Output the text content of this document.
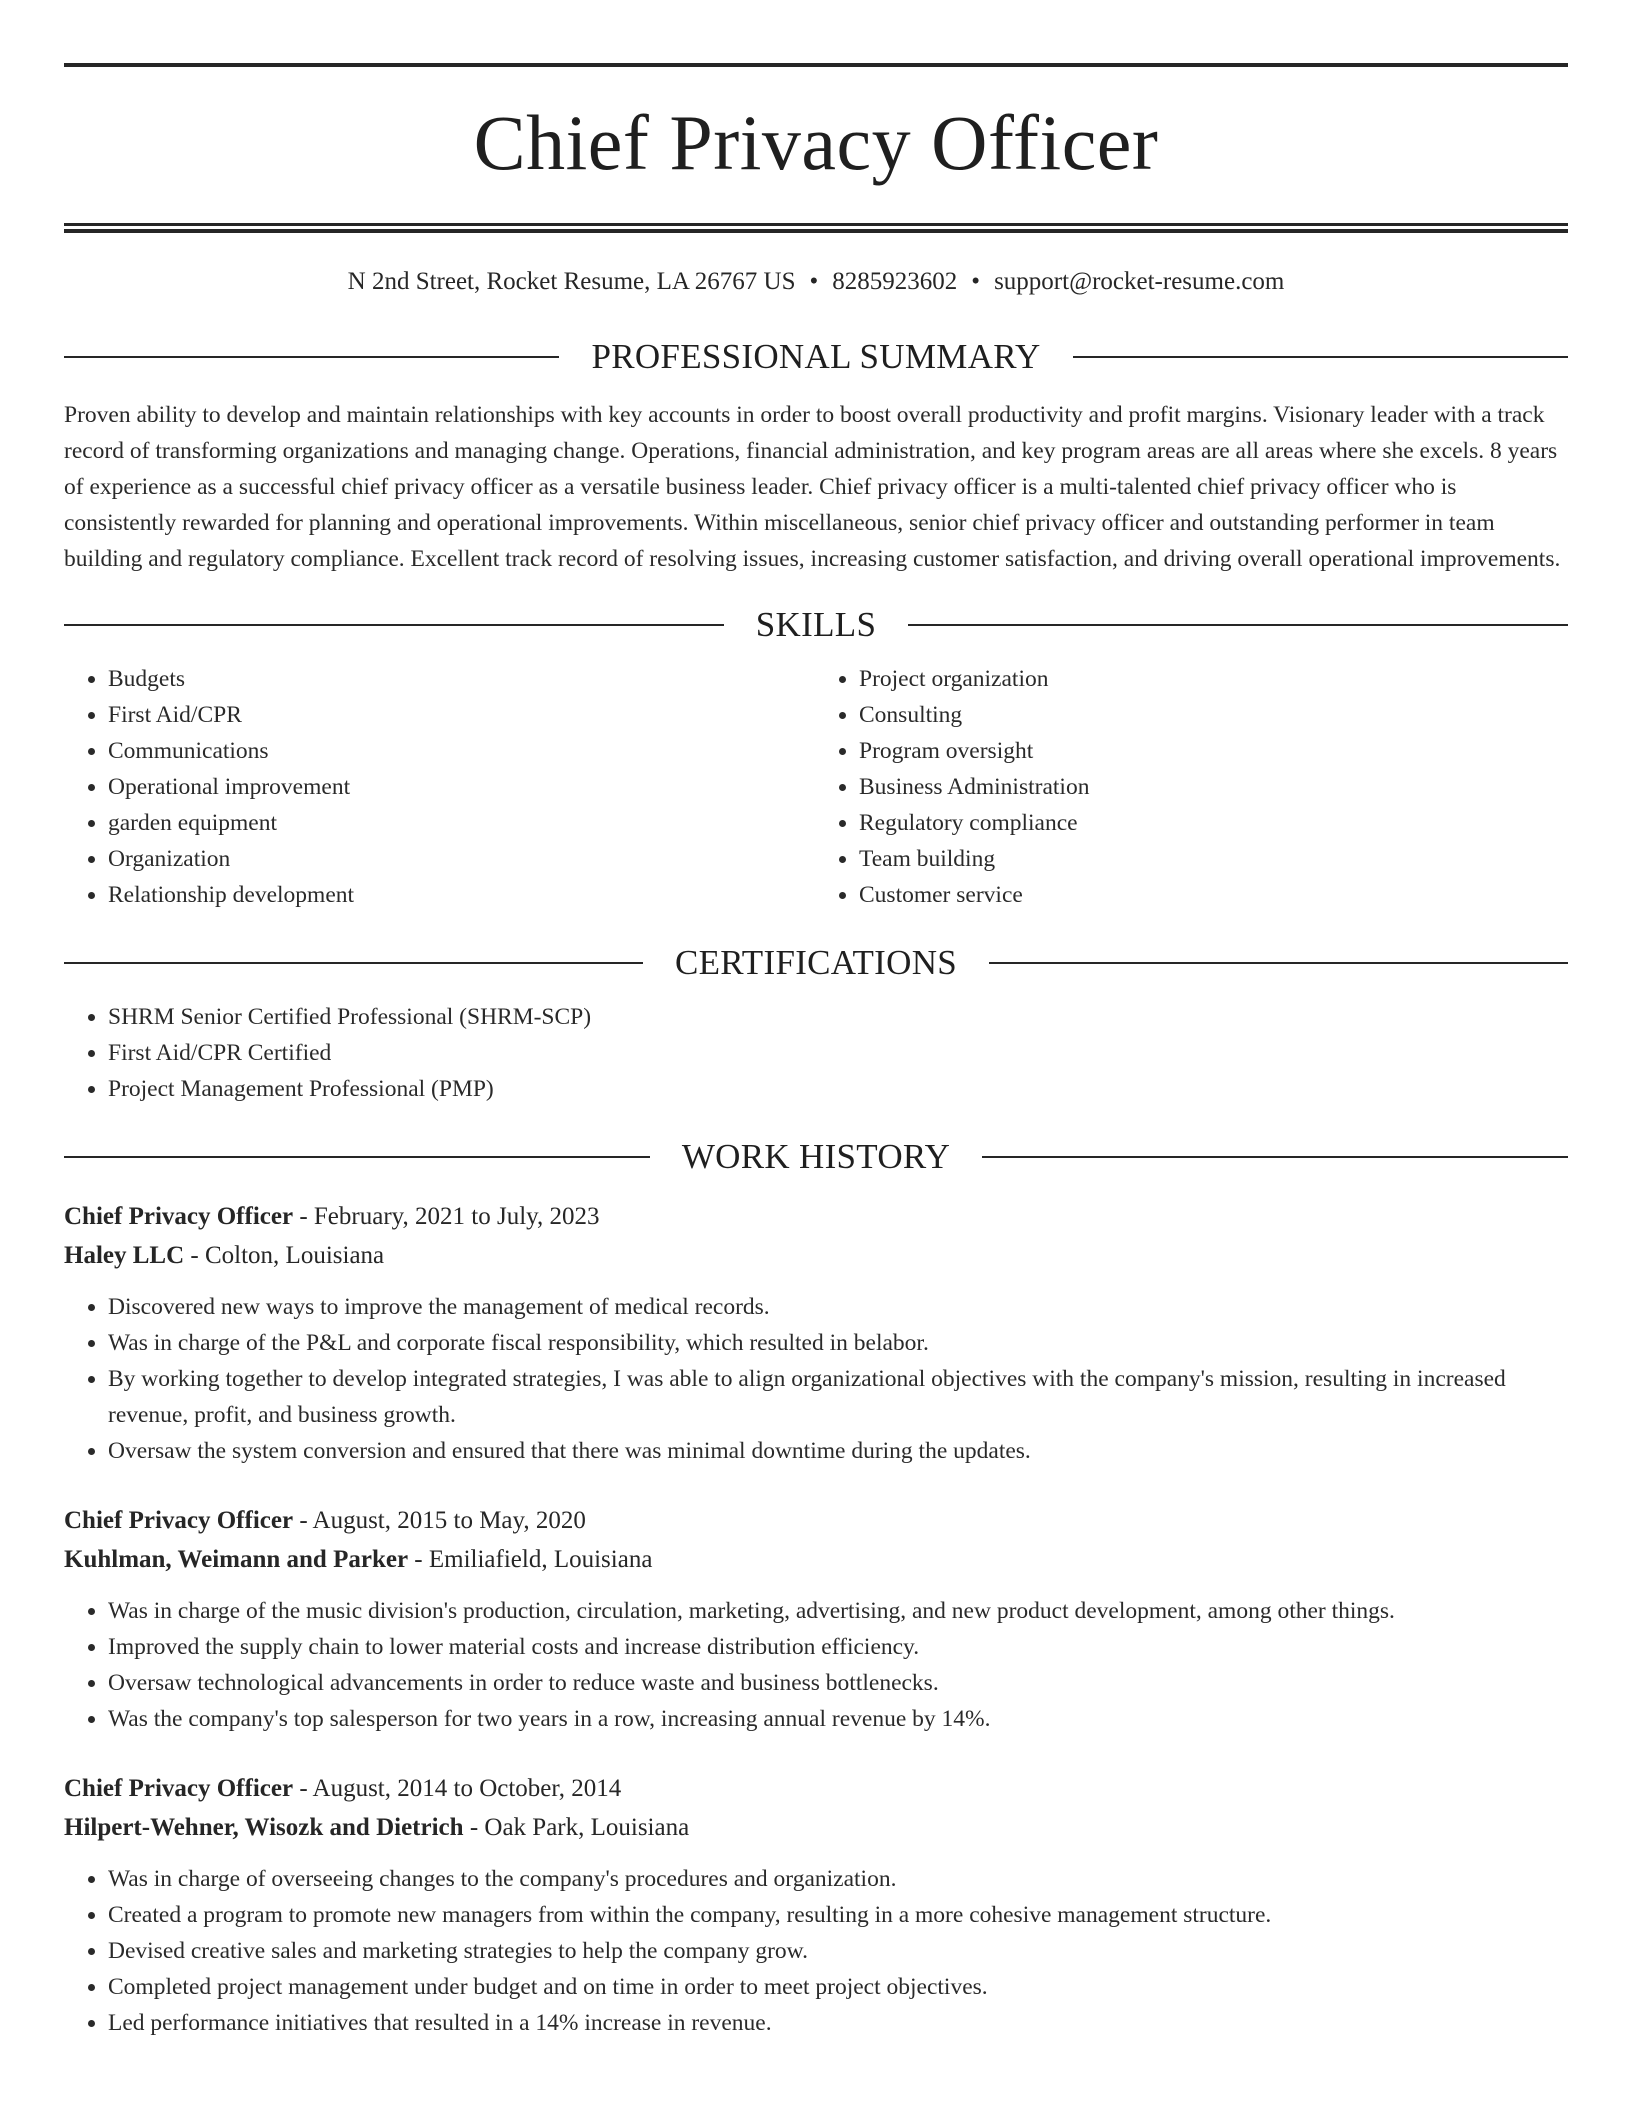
Chief Privacy Officer
N 2nd Street, Rocket Resume, LA 26767 US • 8285923602 • support@rocket-resume.com
PROFESSIONAL SUMMARY

Proven ability to develop and maintain relationships with key accounts in order to boost overall productivity and profit margins. Visionary leader with a track record of transforming organizations and managing change. Operations, financial administration, and key program areas are all areas where she excels. 8 years of experience as a successful chief privacy officer as a versatile business leader. Chief privacy officer is a multi-talented chief privacy officer who is consistently rewarded for planning and operational improvements. Within miscellaneous, senior chief privacy officer and outstanding performer in team building and regulatory compliance. Excellent track record of resolving issues, increasing customer satisfaction, and driving overall operational improvements.

SKILLS
• Budgets
• First Aid/CPR
• Communications
• Operational improvement
• garden equipment
• Organization
• Relationship development
• Project organization
• Consulting
• Program oversight
• Business Administration
• Regulatory compliance
• Team building
• Customer service
CERTIFICATIONS
• SHRM Senior Certified Professional (SHRM-SCP)
• First Aid/CPR Certified
• Project Management Professional (PMP)
WORK HISTORY
Chief Privacy Officer - February, 2021 to July, 2023
Haley LLC - Colton, Louisiana
• Discovered new ways to improve the management of medical records.
• Was in charge of the P&L and corporate fiscal responsibility, which resulted in belabor.
• By working together to develop integrated strategies, I was able to align organizational objectives with the company's mission, resulting in increased revenue, profit, and business growth.
• Oversaw the system conversion and ensured that there was minimal downtime during the updates.
Chief Privacy Officer - August, 2015 to May, 2020
Kuhlman, Weimann and Parker - Emiliafield, Louisiana
• Was in charge of the music division's production, circulation, marketing, advertising, and new product development, among other things.
• Improved the supply chain to lower material costs and increase distribution efficiency.
• Oversaw technological advancements in order to reduce waste and business bottlenecks.
• Was the company's top salesperson for two years in a row, increasing annual revenue by 14%.
Chief Privacy Officer - August, 2014 to October, 2014
Hilpert-Wehner, Wisozk and Dietrich - Oak Park, Louisiana
• Was in charge of overseeing changes to the company's procedures and organization.
• Created a program to promote new managers from within the company, resulting in a more cohesive management structure.
• Devised creative sales and marketing strategies to help the company grow.
• Completed project management under budget and on time in order to meet project objectives.
• Led performance initiatives that resulted in a 14% increase in revenue.
